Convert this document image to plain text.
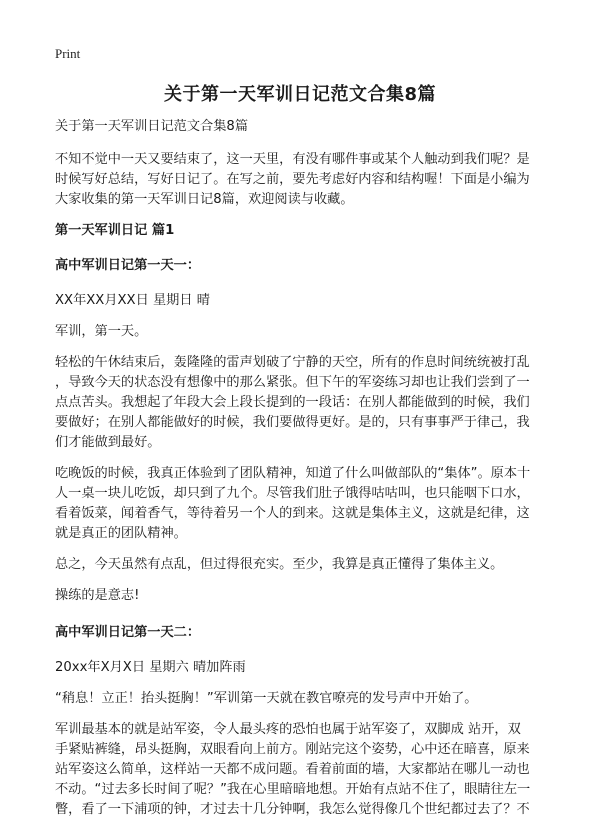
Print
关于第一天军训日记范文合集8篇
关于第一天军训日记范文合集8篇
不知不觉中一天又要结束了，这一天里，有没有哪件事或某个人触动到我们呢？是
时候写好总结，写好日记了。在写之前，要先考虑好内容和结构喔！下面是小编为
大家收集的第一天军训日记8篇，欢迎阅读与收藏。
第一天军训日记 篇1
高中军训日记第一天一：
XX年XX月XX日 星期日 晴
军训，第一天。
轻松的午休结束后，轰隆隆的雷声划破了宁静的天空，所有的作息时间统统被打乱
，导致今天的状态没有想像中的那么紧张。但下午的军姿练习却也让我们尝到了一
点点苦头。我想起了年段大会上段长提到的一段话：在别人都能做到的时候，我们
要做好；在别人都能做好的时候，我们要做得更好。是的，只有事事严于律己，我
们才能做到最好。
吃晚饭的时候，我真正体验到了团队精神，知道了什么叫做部队的“集体”。原本十
人一桌一块儿吃饭，却只到了九个。尽管我们肚子饿得咕咕叫，也只能咽下口水，
看着饭菜，闻着香气，等待着另一个人的到来。这就是集体主义，这就是纪律，这
就是真正的团队精神。
总之，今天虽然有点乱，但过得很充实。至少，我算是真正懂得了集体主义。
操练的是意志!
高中军训日记第一天二：
20xx年X月X日 星期六 晴加阵雨
“稍息！立正！抬头挺胸！”军训第一天就在教官嘹亮的发号声中开始了。
军训最基本的就是站军姿，令人最头疼的恐怕也属于站军姿了，双脚成 站开，双
手紧贴裤缝，昂头挺胸，双眼看向上前方。刚站完这个姿势，心中还在暗喜，原来
站军姿这么简单，这样站一天都不成问题。看着前面的墙，大家都站在哪儿一动也
不动。“过去多长时间了呢？”我在心里暗暗地想。开始有点站不住了，眼睛往左一
瞥，看了一下浦项的钟，才过去十几分钟啊，我怎么觉得像几个世纪都过去了？不
